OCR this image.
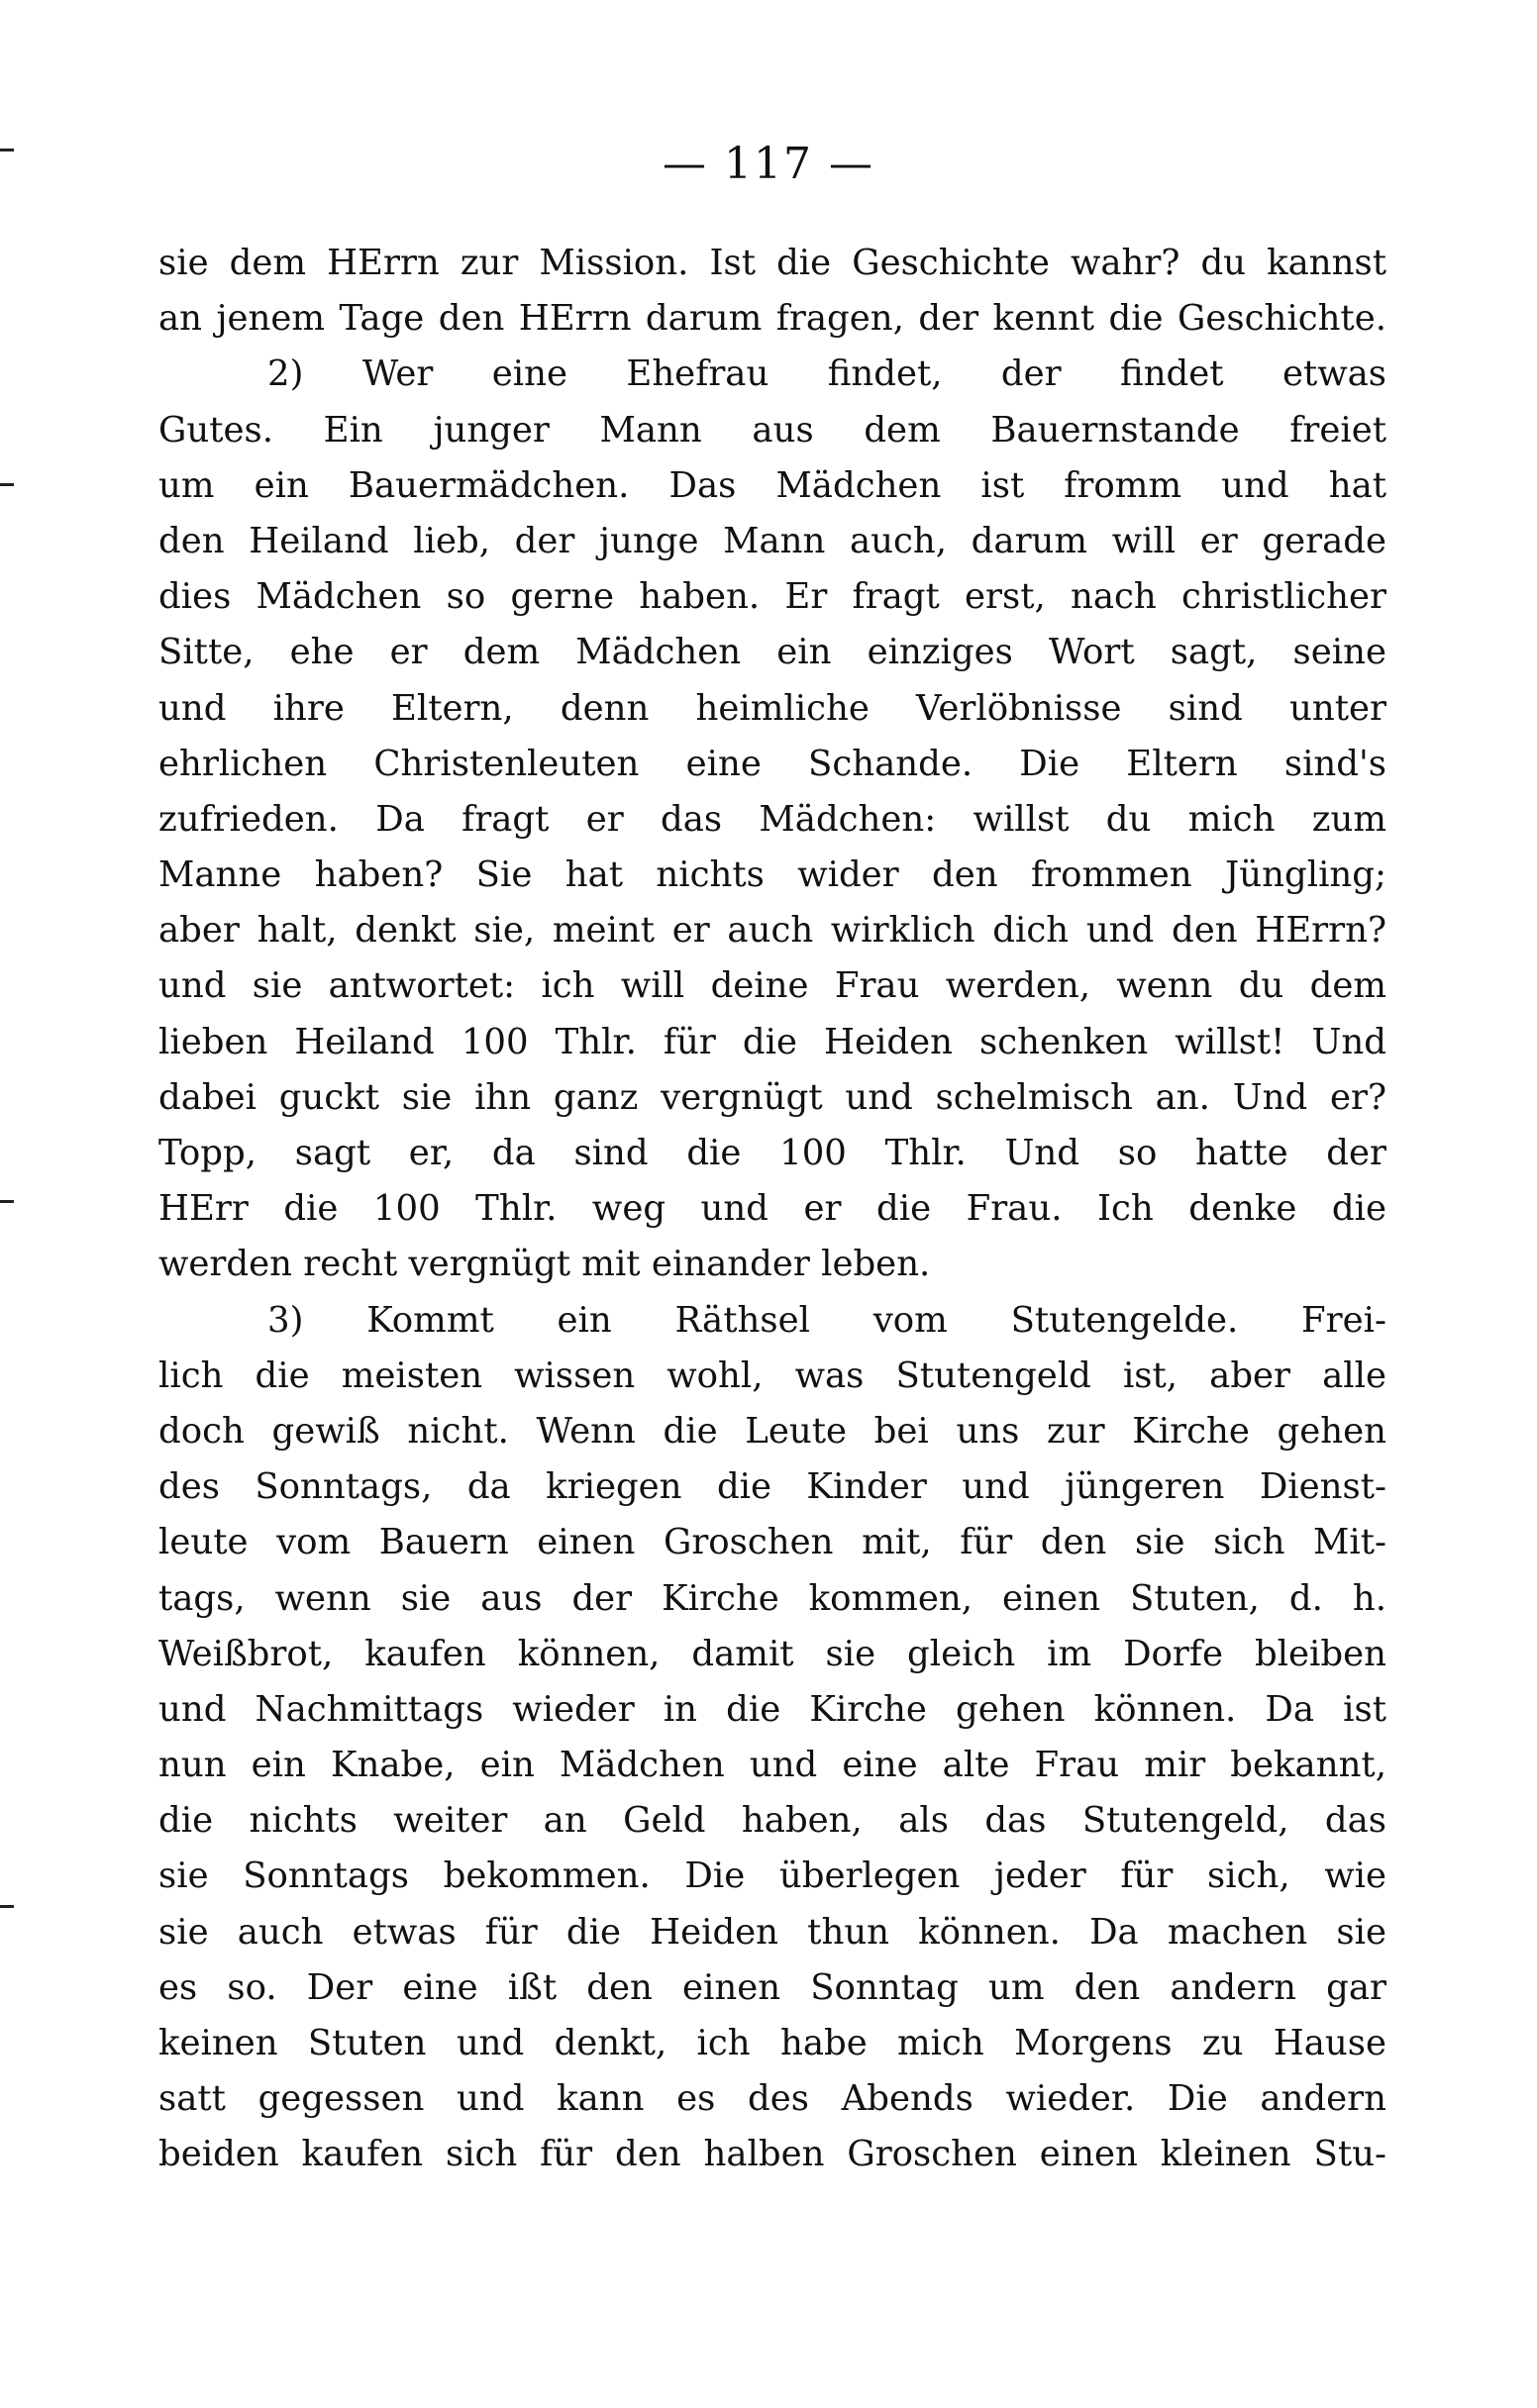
— 117 —
sie dem HErrn zur Mission. Ist die Geschichte wahr? du kannst
an jenem Tage den HErrn darum fragen, der kennt die Geschichte.
2) Wer eine Ehefrau findet, der findet etwas
Gutes. Ein junger Mann aus dem Bauernstande freiet
um ein Bauermädchen. Das Mädchen ist fromm und hat
den Heiland lieb, der junge Mann auch, darum will er gerade
dies Mädchen so gerne haben. Er fragt erst, nach christlicher
Sitte, ehe er dem Mädchen ein einziges Wort sagt, seine
und ihre Eltern, denn heimliche Verlöbnisse sind unter
ehrlichen Christenleuten eine Schande. Die Eltern sind's
zufrieden. Da fragt er das Mädchen: willst du mich zum
Manne haben? Sie hat nichts wider den frommen Jüngling;
aber halt, denkt sie, meint er auch wirklich dich und den HErrn?
und sie antwortet: ich will deine Frau werden, wenn du dem
lieben Heiland 100 Thlr. für die Heiden schenken willst! Und
dabei guckt sie ihn ganz vergnügt und schelmisch an. Und er?
Topp, sagt er, da sind die 100 Thlr. Und so hatte der
HErr die 100 Thlr. weg und er die Frau. Ich denke die
werden recht vergnügt mit einander leben.
3) Kommt ein Räthsel vom Stutengelde. Frei-
lich die meisten wissen wohl, was Stutengeld ist, aber alle
doch gewiß nicht. Wenn die Leute bei uns zur Kirche gehen
des Sonntags, da kriegen die Kinder und jüngeren Dienst-
leute vom Bauern einen Groschen mit, für den sie sich Mit-
tags, wenn sie aus der Kirche kommen, einen Stuten, d. h.
Weißbrot, kaufen können, damit sie gleich im Dorfe bleiben
und Nachmittags wieder in die Kirche gehen können. Da ist
nun ein Knabe, ein Mädchen und eine alte Frau mir bekannt,
die nichts weiter an Geld haben, als das Stutengeld, das
sie Sonntags bekommen. Die überlegen jeder für sich, wie
sie auch etwas für die Heiden thun können. Da machen sie
es so. Der eine ißt den einen Sonntag um den andern gar
keinen Stuten und denkt, ich habe mich Morgens zu Hause
satt gegessen und kann es des Abends wieder. Die andern
beiden kaufen sich für den halben Groschen einen kleinen Stu-
